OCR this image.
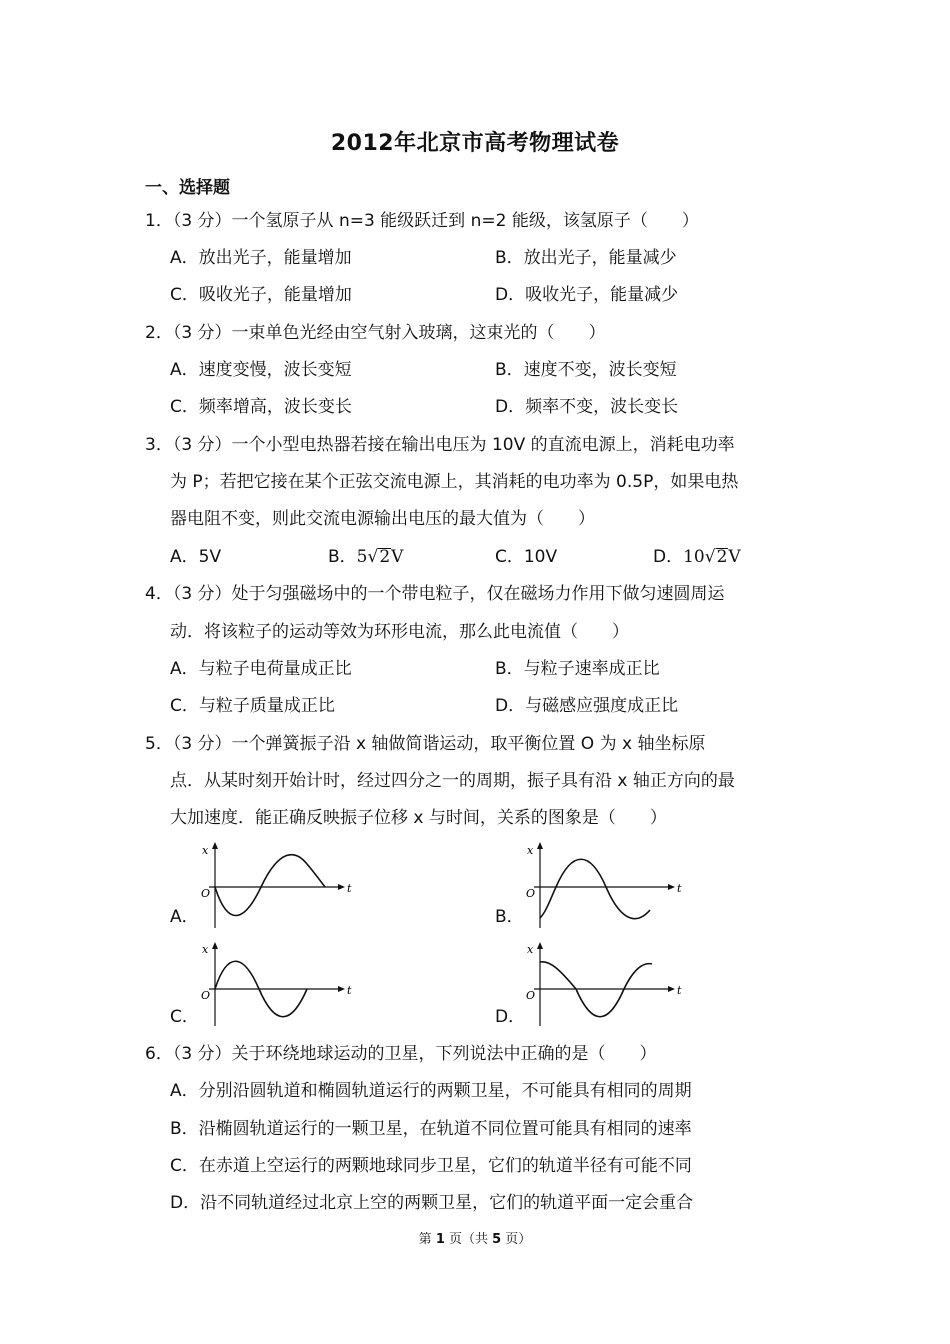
2012年北京市高考物理试卷
一、选择题
1．（3 分）一个氢原子从 n=3 能级跃迁到 n=2 能级，该氢原子（　　）
A．放出光子，能量增加	B．放出光子，能量减少
C．吸收光子，能量增加	D．吸收光子，能量减少
2．（3 分）一束单色光经由空气射入玻璃，这束光的（　　）
A．速度变慢，波长变短	B．速度不变，波长变短
C．频率增高，波长变长	D．频率不变，波长变长
3．（3 分）一个小型电热器若接在输出电压为 10V 的直流电源上，消耗电功率
为 P；若把它接在某个正弦交流电源上，其消耗的电功率为 0.5P，如果电热
器电阻不变，则此交流电源输出电压的最大值为（　　）
A．5V	B．5√2V	C．10V	D．10√2V
4．（3 分）处于匀强磁场中的一个带电粒子，仅在磁场力作用下做匀速圆周运
动．将该粒子的运动等效为环形电流，那么此电流值（　　）
A．与粒子电荷量成正比	B．与粒子速率成正比
C．与粒子质量成正比	D．与磁感应强度成正比
5．（3 分）一个弹簧振子沿 x 轴做简谐运动，取平衡位置 O 为 x 轴坐标原
点．从某时刻开始计时，经过四分之一的周期，振子具有沿 x 轴正方向的最
大加速度．能正确反映振子位移 x 与时间，关系的图象是（　　）
A．	B．
C．	D．
x
t
O
x
t
O
x
t
O
x
t
O
6．（3 分）关于环绕地球运动的卫星，下列说法中正确的是（　　）
A．分别沿圆轨道和椭圆轨道运行的两颗卫星，不可能具有相同的周期
B．沿椭圆轨道运行的一颗卫星，在轨道不同位置可能具有相同的速率
C．在赤道上空运行的两颗地球同步卫星，它们的轨道半径有可能不同
D．沿不同轨道经过北京上空的两颗卫星，它们的轨道平面一定会重合
第 1 页（共 5 页）
